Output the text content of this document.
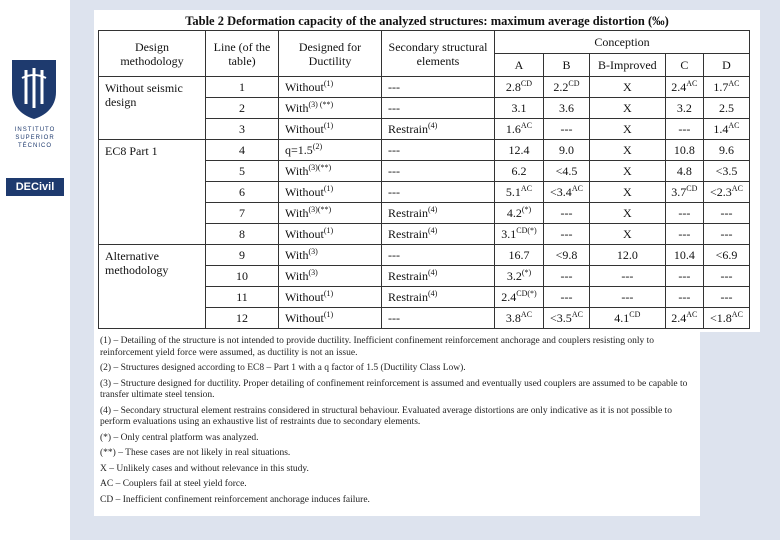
INSTITUTO SUPERIOR TÉCNICO
DECivil
Table 2 Deformation capacity of the analyzed structures: maximum average distortion (‰)
Design methodology	Line (of the table)	Designed for Ductility	Secondary structural elements	Conception				
				A	B	B-Improved	C	D
Without seismic design	1	Without$^{(1)}$	---	$2.8^{CD}$	$2.2^{CD}$	X	$2.4^{AC}$	$1.7^{AC}$
	2	With$^{(3) (**)}$	---	3.1	3.6	X	3.2	2.5
	3	Without$^{(1)}$	Restrain$^{(4)}$	$1.6^{AC}$	---	X	---	$1.4^{AC}$
EC8 Part 1	4	$q=1.5^{(2)}$	---	12.4	9.0	X	10.8	9.6
	5	With$^{(3)(**)}$	---	6.2	<4.5	X	4.8	<3.5
	6	Without$^{(1)}$	---	$5.1^{AC}$	$<3.4^{AC}$	X	$3.7^{CD}$	$<2.3^{AC}$
	7	With$^{(3)(**)}$	Restrain$^{(4)}$	4.2(*)	---	X	---	---
	8	Without$^{(1)}$	Restrain$^{(4)}$	$3.1^{CD(*)}$	---	X	---	---
Alternative methodology	9	With$^{(3)}$	---	16.7	<9.8	12.0	10.4	<6.9
	10	With$^{(3)}$	Restrain$^{(4)}$	3.2(*)	---	---	---	---
	11	Without$^{(1)}$	Restrain$^{(4)}$	$2.4^{CD(*)}$	---	---	---	---
	12	Without$^{(1)}$	---	$3.8^{AC}$	$<3.5^{AC}$	$4.1^{CD}$	$2.4^{AC}$	$<1.8^{AC}$

(1) – Detailing of the structure is not intended to provide ductility. Inefficient confinement reinforcement anchorage and couplers resisting only to reinforcement yield force were assumed, as ductility is not an issue.

(2) – Structures designed according to EC8 – Part 1 with a q factor of 1.5 (Ductility Class Low).

(3) – Structure designed for ductility. Proper detailing of confinement reinforcement is assumed and eventually used couplers are assumed to be capable to transfer ultimate steel tension.

(4) – Secondary structural element restrains considered in structural behaviour. Evaluated average distortions are only indicative as it is not possible to perform evaluations using an exhaustive list of restraints due to secondary elements.

(*) – Only central platform was analyzed.

(**) – These cases are not likely in real situations.

X – Unlikely cases and without relevance in this study.

AC – Couplers fail at steel yield force.

CD – Inefficient confinement reinforcement anchorage induces failure.
